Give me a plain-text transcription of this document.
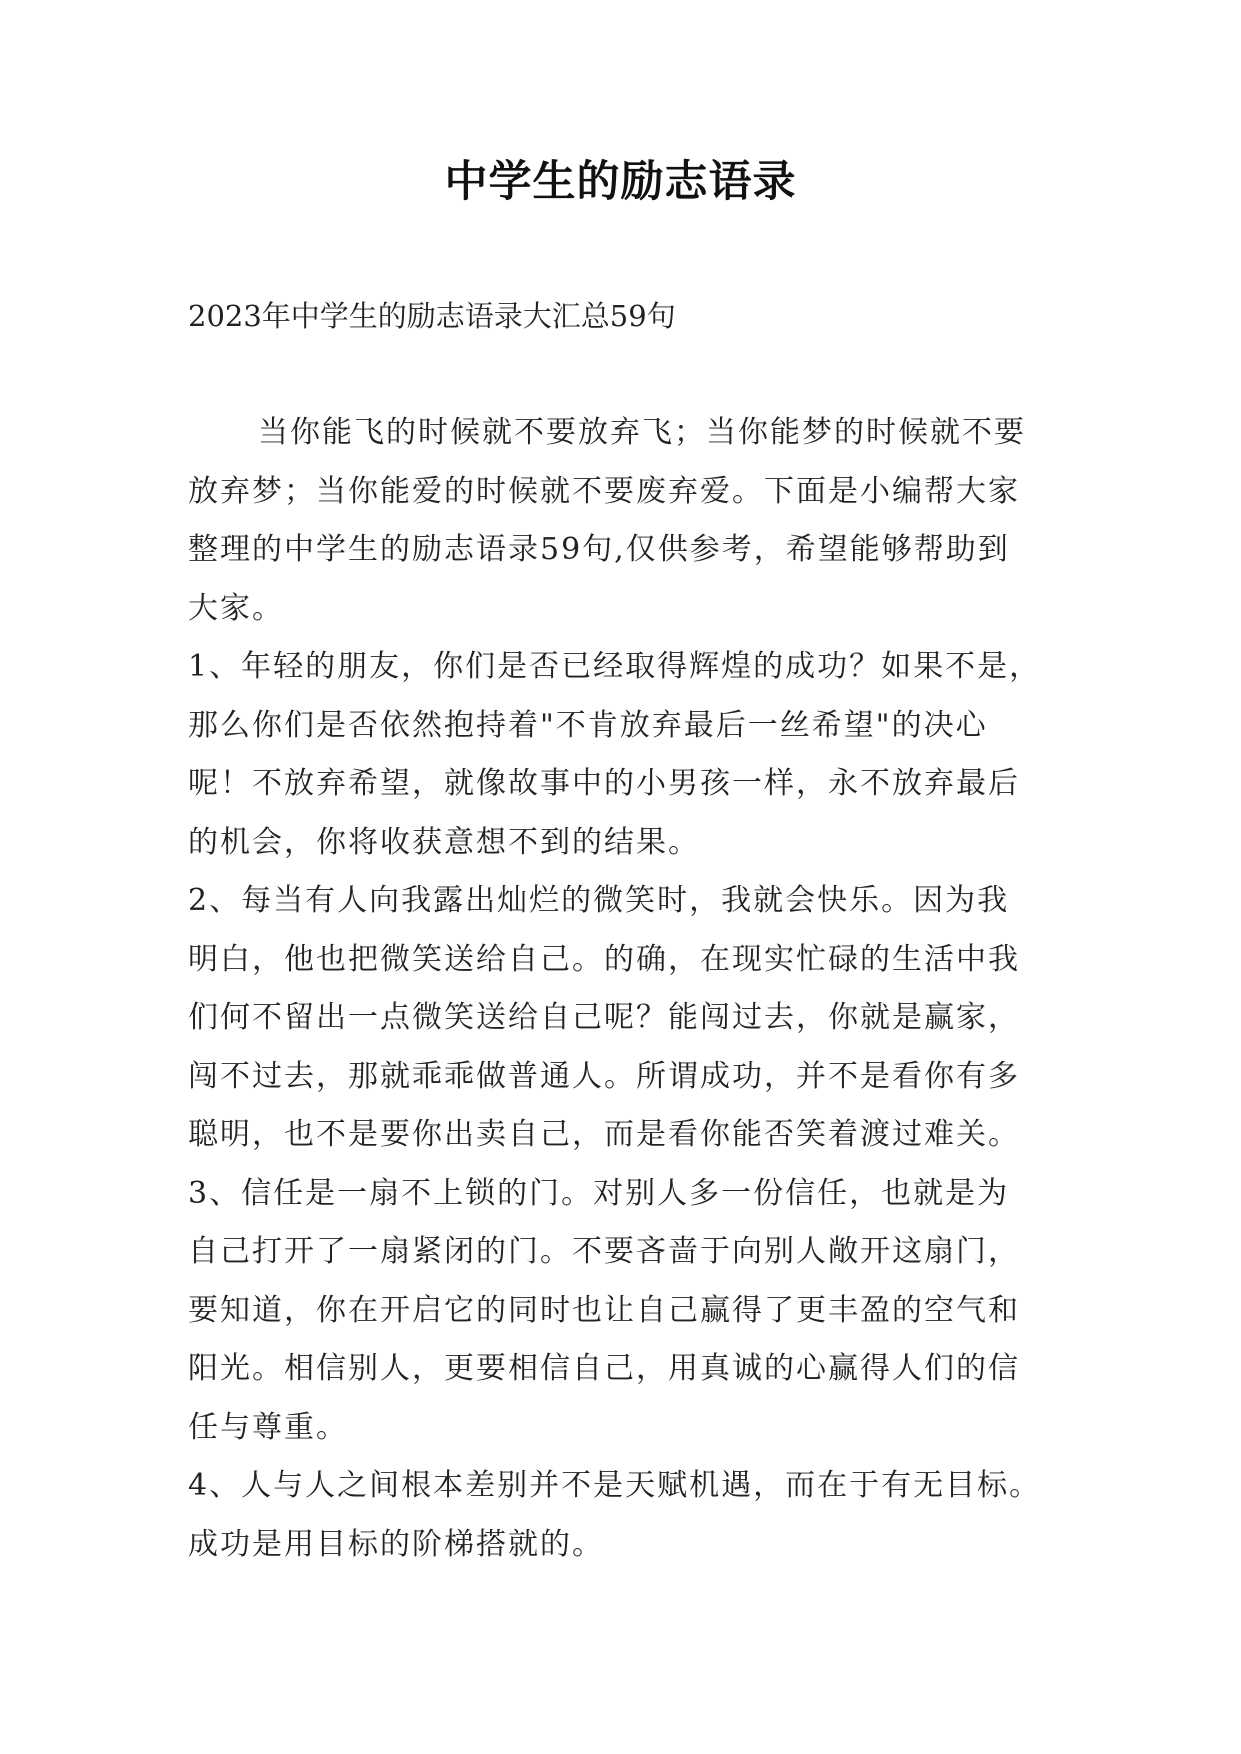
中学生的励志语录
2023年中学生的励志语录大汇总59句
当你能飞的时候就不要放弃飞；当你能梦的时候就不要
放弃梦；当你能爱的时候就不要废弃爱。下面是小编帮大家
整理的中学生的励志语录59句,仅供参考，希望能够帮助到
大家。
1、年轻的朋友，你们是否已经取得辉煌的成功？如果不是，
那么你们是否依然抱持着"不肯放弃最后一丝希望"的决心
呢！不放弃希望，就像故事中的小男孩一样，永不放弃最后
的机会，你将收获意想不到的结果。
2、每当有人向我露出灿烂的微笑时，我就会快乐。因为我
明白，他也把微笑送给自己。的确，在现实忙碌的生活中我
们何不留出一点微笑送给自己呢？能闯过去，你就是赢家，
闯不过去，那就乖乖做普通人。所谓成功，并不是看你有多
聪明，也不是要你出卖自己，而是看你能否笑着渡过难关。
3、信任是一扇不上锁的门。对别人多一份信任，也就是为
自己打开了一扇紧闭的门。不要吝啬于向别人敞开这扇门，
要知道，你在开启它的同时也让自己赢得了更丰盈的空气和
阳光。相信别人，更要相信自己，用真诚的心赢得人们的信
任与尊重。
4、人与人之间根本差别并不是天赋机遇，而在于有无目标。
成功是用目标的阶梯搭就的。
